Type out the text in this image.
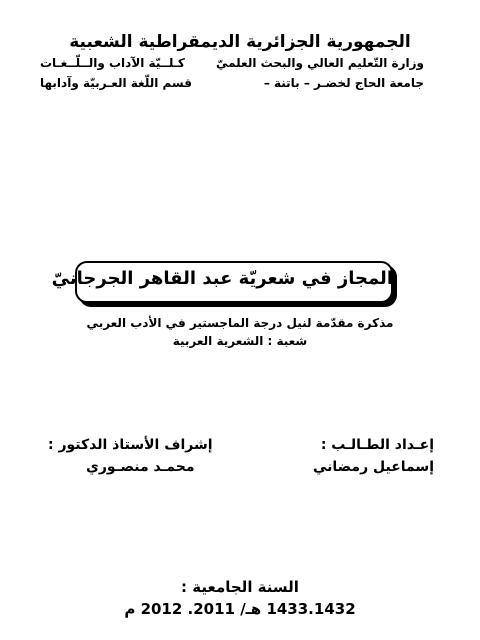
الجمهورية الجزائرية الديمقراطية الشعبية
وزارة التّعليم العالي والبحث العلميّ
كـلــيّة الآداب والــلّــغـات
جامعة الحاج لخضـر – باتنة –
قسم اللّغة العـربيّة وآدابها
المجاز في شعريّة عبد القاهر الجرجانيّ
مذكرة مقدّمة لنيل درجة الماجستير في الأدب العربي
شعبة : الشعرية العربية
إعـداد الطـالـب :
إسماعيل رمضاني
إشراف الأستاذ الدكتور :
محمـد منصـوري
السنة الجامعية :
1433.1432 هـ/ 2011. 2012 م
